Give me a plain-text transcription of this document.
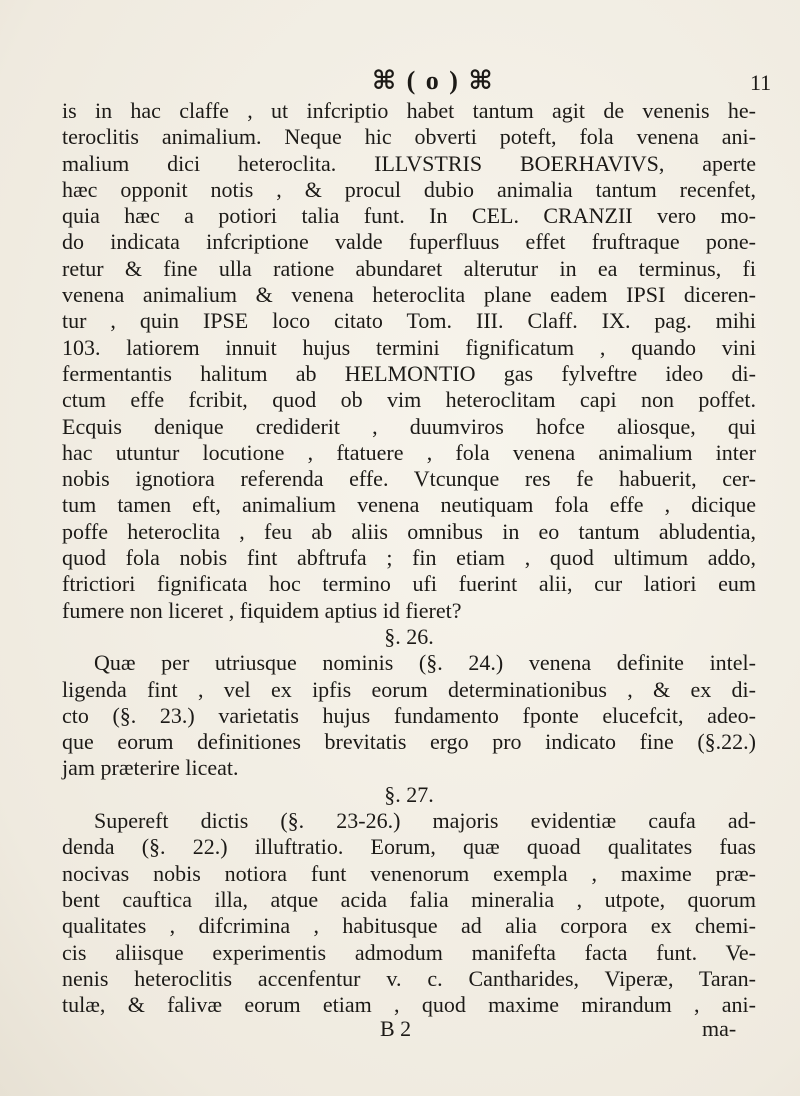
⌘ ( o ) ⌘	11
is in hac claffe , ut infcriptio habet tantum agit de venenis he-
teroclitis animalium. Neque hic obverti poteft, fola venena ani-
malium dici heteroclita. ILLVSTRIS BOERHAVIVS, aperte
hæc opponit notis , & procul dubio animalia tantum recenfet,
quia hæc a potiori talia funt. In CEL. CRANZII vero mo-
do indicata infcriptione valde fuperfluus effet fruftraque pone-
retur & fine ulla ratione abundaret alterutur in ea terminus, fi
venena animalium & venena heteroclita plane eadem IPSI diceren-
tur , quin IPSE loco citato Tom. III. Claff. IX. pag. mihi
103. latiorem innuit hujus termini fignificatum , quando vini
fermentantis halitum ab HELMONTIO gas fylveftre ideo di-
ctum effe fcribit, quod ob vim heteroclitam capi non poffet.
Ecquis denique crediderit , duumviros hofce aliosque, qui
hac utuntur locutione , ftatuere , fola venena animalium inter
nobis ignotiora referenda effe. Vtcunque res fe habuerit, cer-
tum tamen eft, animalium venena neutiquam fola effe , dicique
poffe heteroclita , feu ab aliis omnibus in eo tantum abludentia,
quod fola nobis fint abftrufa ; fin etiam , quod ultimum addo,
ftrictiori fignificata hoc termino ufi fuerint alii, cur latiori eum
fumere non liceret , fiquidem aptius id fieret?
§. 26.
Quæ per utriusque nominis (§. 24.) venena definite intel-
ligenda fint , vel ex ipfis eorum determinationibus , & ex di-
cto (§. 23.) varietatis hujus fundamento fponte elucefcit, adeo-
que eorum definitiones brevitatis ergo pro indicato fine (§.22.)
jam præterire liceat.
§. 27.
Supereft dictis (§. 23-26.) majoris evidentiæ caufa ad-
denda (§. 22.) illuftratio. Eorum, quæ quoad qualitates fuas
nocivas nobis notiora funt venenorum exempla , maxime præ-
bent cauftica illa, atque acida falia mineralia , utpote, quorum
qualitates , difcrimina , habitusque ad alia corpora ex chemi-
cis aliisque experimentis admodum manifefta facta funt. Ve-
nenis heteroclitis accenfentur v. c. Cantharides, Viperæ, Taran-
tulæ, & falivæ eorum etiam , quod maxime mirandum , ani-
B 2	ma-
